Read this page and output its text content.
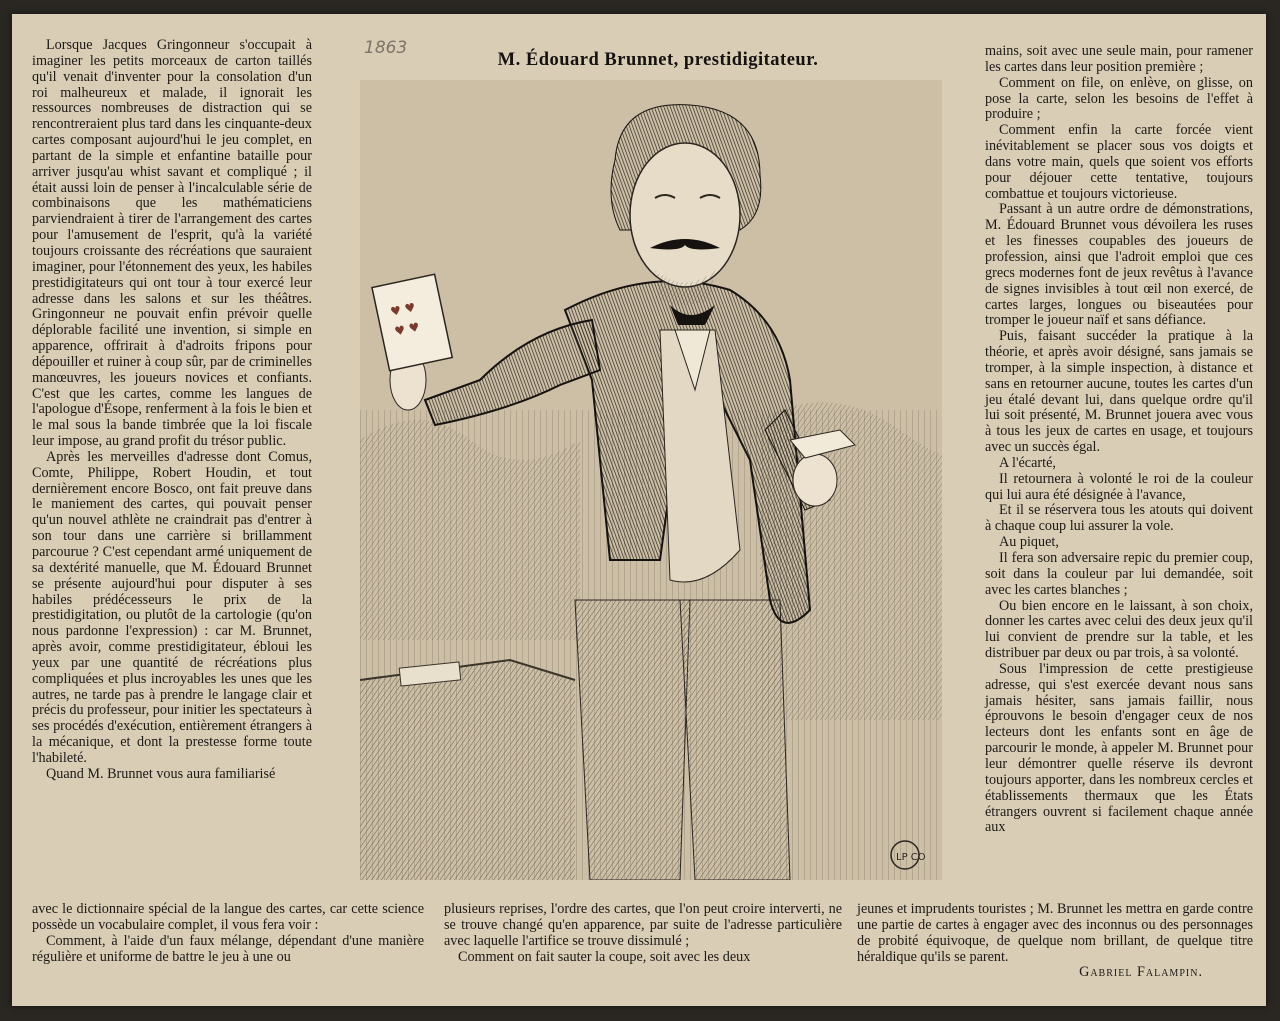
1863
M. Édouard Brunnet, prestidigitateur.

Lorsque Jacques Gringonneur s'occupait à imaginer les petits morceaux de carton taillés qu'il venait d'inventer pour la consolation d'un roi malheureux et malade, il ignorait les ressources nombreuses de distraction qui se rencontreraient plus tard dans les cinquante-deux cartes composant aujourd'hui le jeu complet, en partant de la simple et enfantine bataille pour arriver jusqu'au whist savant et compliqué ; il était aussi loin de penser à l'incalculable série de combinaisons que les mathématiciens parviendraient à tirer de l'arrangement des cartes pour l'amusement de l'esprit, qu'à la variété toujours croissante des récréations que sauraient imaginer, pour l'étonnement des yeux, les habiles prestidigitateurs qui ont tour à tour exercé leur adresse dans les salons et sur les théâtres. Gringonneur ne pouvait enfin prévoir quelle déplorable facilité une invention, si simple en apparence, offrirait à d'adroits fripons pour dépouiller et ruiner à coup sûr, par de criminelles manœuvres, les joueurs novices et confiants. C'est que les cartes, comme les langues de l'apologue d'Ésope, renferment à la fois le bien et le mal sous la bande timbrée que la loi fiscale leur impose, au grand profit du trésor public.

Après les merveilles d'adresse dont Comus, Comte, Philippe, Robert Houdin, et tout dernièrement encore Bosco, ont fait preuve dans le maniement des cartes, qui pouvait penser qu'un nouvel athlète ne craindrait pas d'entrer à son tour dans une carrière si brillamment parcourue ? C'est cependant armé uniquement de sa dextérité manuelle, que M. Édouard Brunnet se présente aujourd'hui pour disputer à ses habiles prédécesseurs le prix de la prestidigitation, ou plutôt de la cartologie (qu'on nous pardonne l'expression) : car M. Brunnet, après avoir, comme prestidigitateur, ébloui les yeux par une quantité de récréations plus compliquées et plus incroyables les unes que les autres, ne tarde pas à prendre le langage clair et précis du professeur, pour initier les spectateurs à ses procédés d'exécution, entièrement étrangers à la mécanique, et dont la prestesse forme toute l'habileté.

Quand M. Brunnet vous aura familiarisé

♥ ♥
♥ ♥
LP CO

mains, soit avec une seule main, pour ramener les cartes dans leur position première ;

Comment on file, on enlève, on glisse, on pose la carte, selon les besoins de l'effet à produire ;

Comment enfin la carte forcée vient inévitablement se placer sous vos doigts et dans votre main, quels que soient vos efforts pour déjouer cette tentative, toujours combattue et toujours victorieuse.

Passant à un autre ordre de démonstrations, M. Édouard Brunnet vous dévoilera les ruses et les finesses coupables des joueurs de profession, ainsi que l'adroit emploi que ces grecs modernes font de jeux revêtus à l'avance de signes invisibles à tout œil non exercé, de cartes larges, longues ou biseautées pour tromper le joueur naïf et sans défiance.

Puis, faisant succéder la pratique à la théorie, et après avoir désigné, sans jamais se tromper, à la simple inspection, à distance et sans en retourner aucune, toutes les cartes d'un jeu étalé devant lui, dans quelque ordre qu'il lui soit présenté, M. Brunnet jouera avec vous à tous les jeux de cartes en usage, et toujours avec un succès égal.

A l'écarté,

Il retournera à volonté le roi de la couleur qui lui aura été désignée à l'avance,

Et il se réservera tous les atouts qui doivent à chaque coup lui assurer la vole.

Au piquet,

Il fera son adversaire repic du premier coup, soit dans la couleur par lui demandée, soit avec les cartes blanches ;

Ou bien encore en le laissant, à son choix, donner les cartes avec celui des deux jeux qu'il lui convient de prendre sur la table, et les distribuer par deux ou par trois, à sa volonté.

Sous l'impression de cette prestigieuse adresse, qui s'est exercée devant nous sans jamais hésiter, sans jamais faillir, nous éprouvons le besoin d'engager ceux de nos lecteurs dont les enfants sont en âge de parcourir le monde, à appeler M. Brunnet pour leur démontrer quelle réserve ils devront toujours apporter, dans les nombreux cercles et établissements thermaux que les États étrangers ouvrent si facilement chaque année aux

avec le dictionnaire spécial de la langue des cartes, car cette science possède un vocabulaire complet, il vous fera voir :

Comment, à l'aide d'un faux mélange, dépendant d'une manière régulière et uniforme de battre le jeu à une ou

plusieurs reprises, l'ordre des cartes, que l'on peut croire interverti, ne se trouve changé qu'en apparence, par suite de l'adresse particulière avec laquelle l'artifice se trouve dissimulé ;

Comment on fait sauter la coupe, soit avec les deux

jeunes et imprudents touristes ; M. Brunnet les mettra en garde contre une partie de cartes à engager avec des inconnus ou des personnages de probité équivoque, de quelque nom brillant, de quelque titre héraldique qu'ils se parent.

Gabriel Falampin.
